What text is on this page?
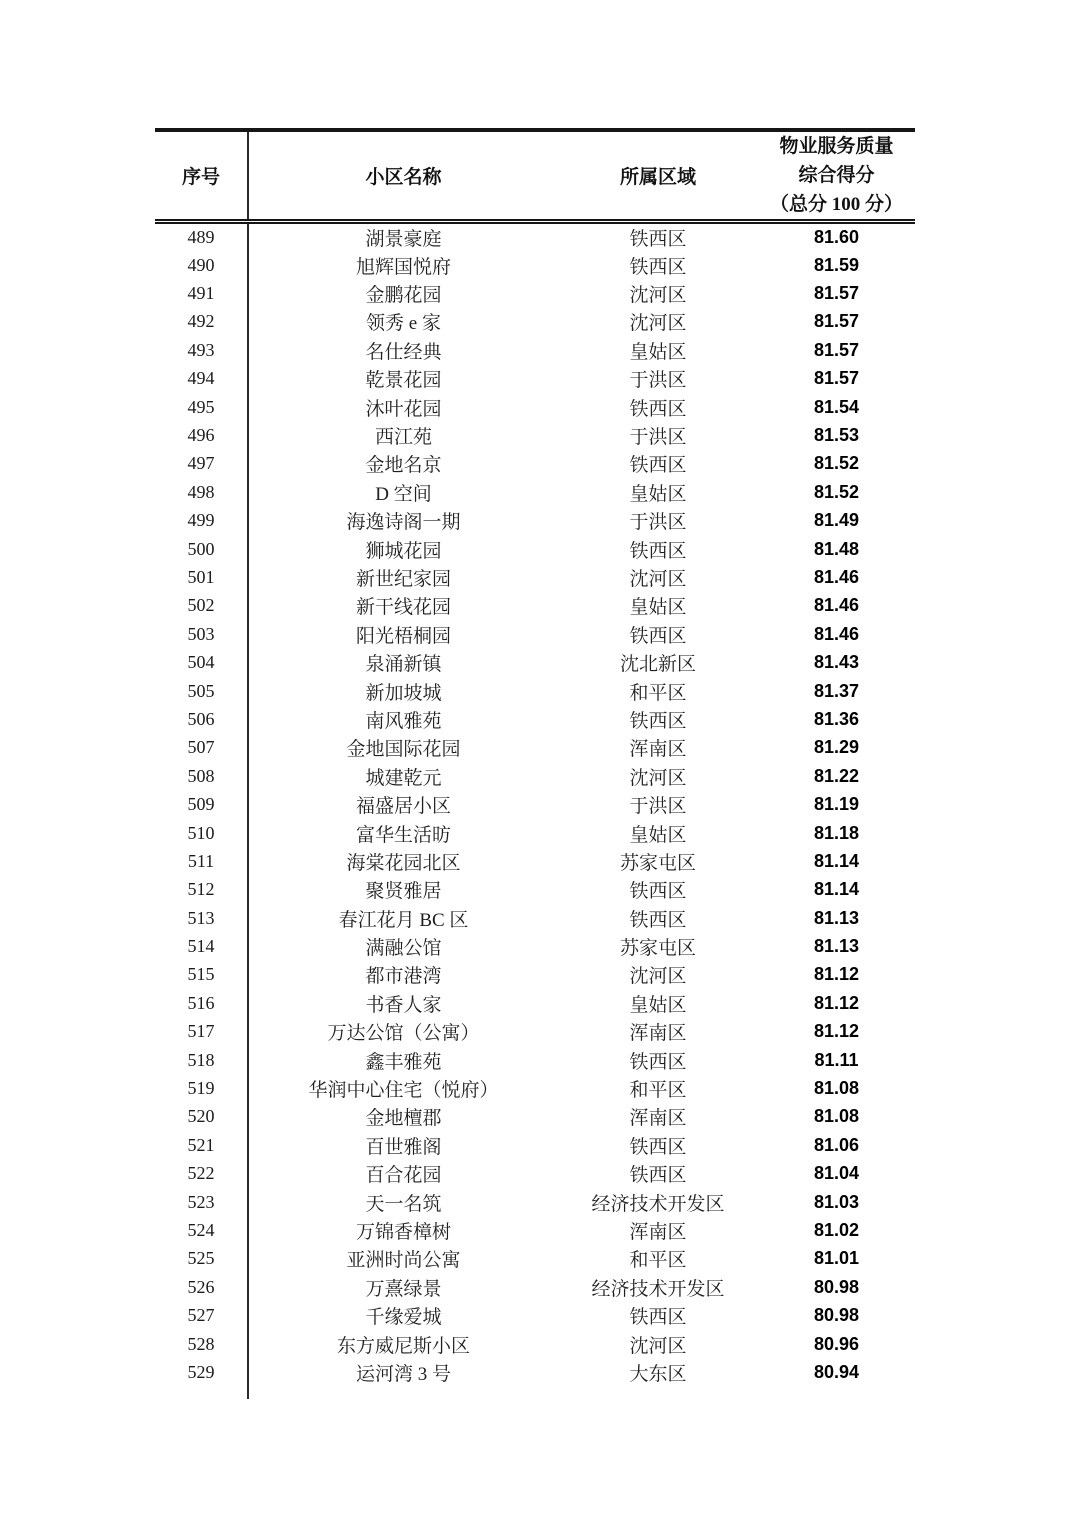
序号	小区名称	所属区域	物业服务质量
综合得分
（总分 100 分）

489	湖景豪庭	铁西区	81.60
490	旭辉国悦府	铁西区	81.59
491	金鹏花园	沈河区	81.57
492	领秀 e 家	沈河区	81.57
493	名仕经典	皇姑区	81.57
494	乾景花园	于洪区	81.57
495	沐叶花园	铁西区	81.54
496	西江苑	于洪区	81.53
497	金地名京	铁西区	81.52
498	D 空间	皇姑区	81.52
499	海逸诗阁一期	于洪区	81.49
500	狮城花园	铁西区	81.48
501	新世纪家园	沈河区	81.46
502	新干线花园	皇姑区	81.46
503	阳光梧桐园	铁西区	81.46
504	泉涌新镇	沈北新区	81.43
505	新加坡城	和平区	81.37
506	南风雅苑	铁西区	81.36
507	金地国际花园	浑南区	81.29
508	城建乾元	沈河区	81.22
509	福盛居小区	于洪区	81.19
510	富华生活昉	皇姑区	81.18
511	海棠花园北区	苏家屯区	81.14
512	聚贤雅居	铁西区	81.14
513	春江花月 BC 区	铁西区	81.13
514	满融公馆	苏家屯区	81.13
515	都市港湾	沈河区	81.12
516	书香人家	皇姑区	81.12
517	万达公馆（公寓）	浑南区	81.12
518	鑫丰雅苑	铁西区	81.11
519	华润中心住宅（悦府）	和平区	81.08
520	金地檀郡	浑南区	81.08
521	百世雅阁	铁西区	81.06
522	百合花园	铁西区	81.04
523	天一名筑	经济技术开发区	81.03
524	万锦香樟树	浑南区	81.02
525	亚洲时尚公寓	和平区	81.01
526	万熹绿景	经济技术开发区	80.98
527	千缘爱城	铁西区	80.98
528	东方威尼斯小区	沈河区	80.96
529	运河湾 3 号	大东区	80.94
